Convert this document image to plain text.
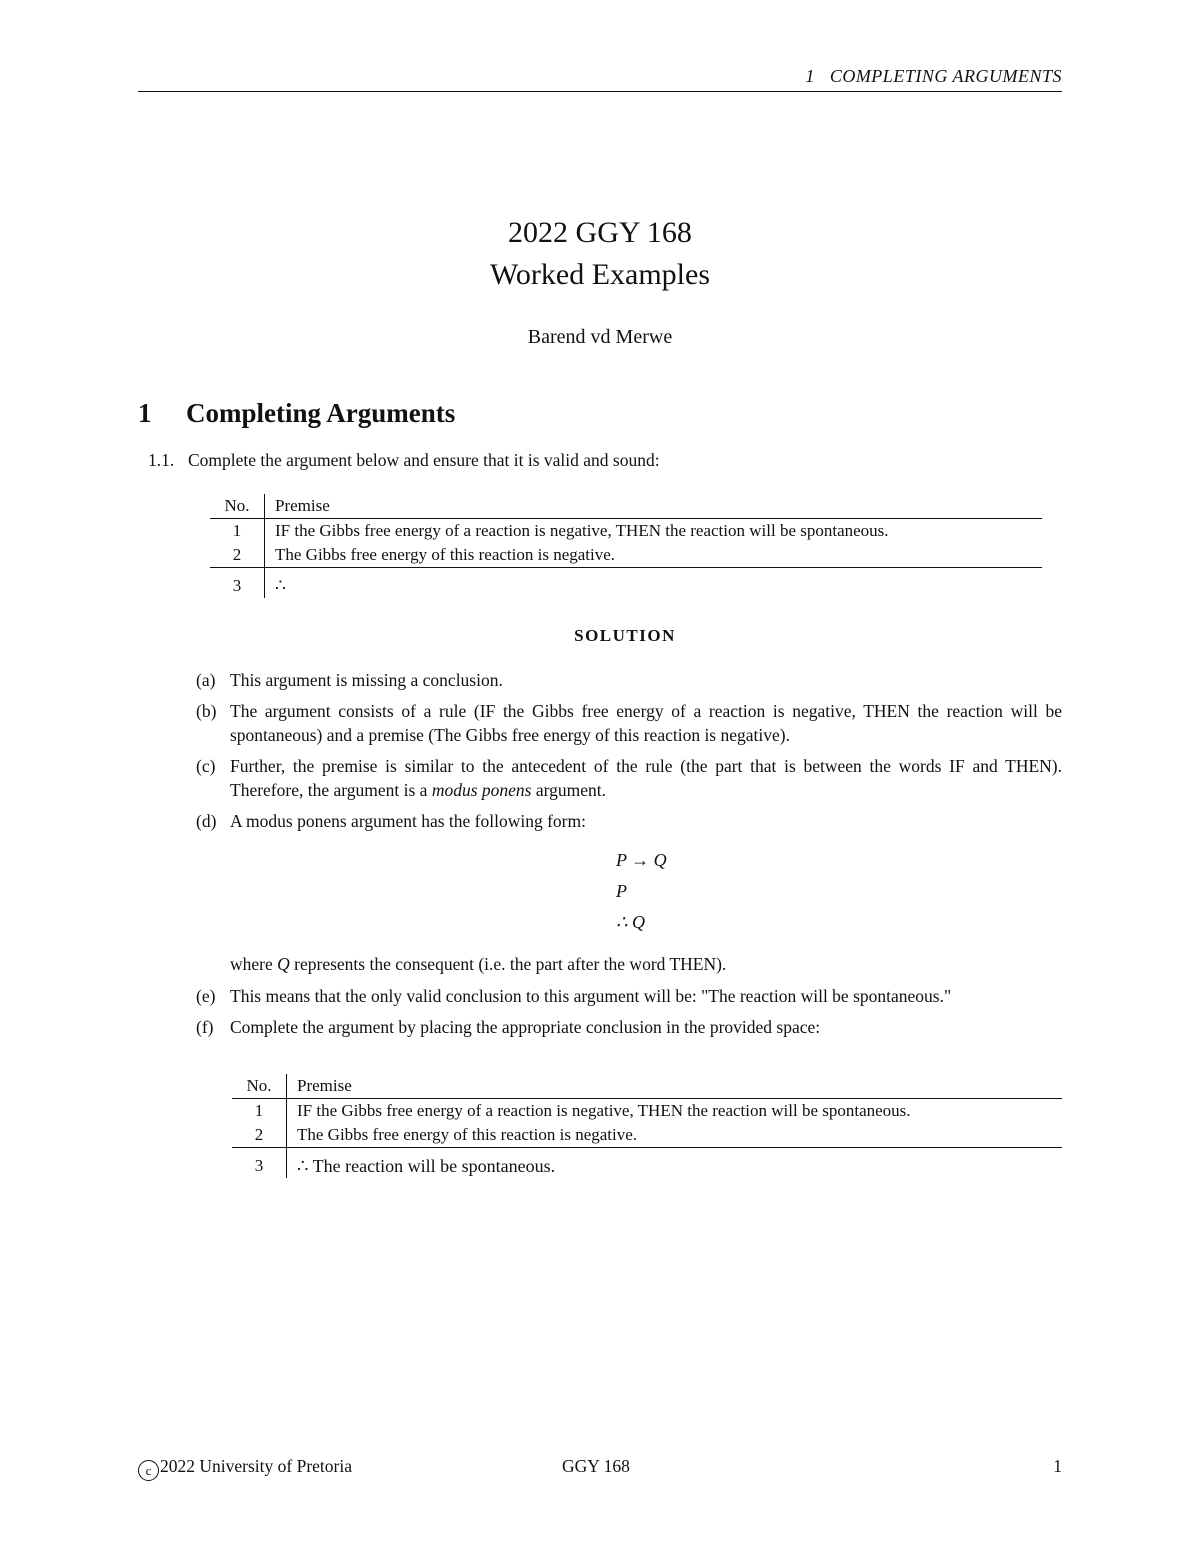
1   COMPLETING ARGUMENTS
2022 GGY 168
Worked Examples
Barend vd Merwe
1 Completing Arguments
1.1. Complete the argument below and ensure that it is valid and sound:
No.	Premise
1	IF the Gibbs free energy of a reaction is negative, THEN the reaction will be spontaneous.
2	The Gibbs free energy of this reaction is negative.
3	∴
SOLUTION
(a) This argument is missing a conclusion.
(b) The argument consists of a rule (IF the Gibbs free energy of a reaction is negative, THEN the reaction will be spontaneous) and a premise (The Gibbs free energy of this reaction is negative).
(c) Further, the premise is similar to the antecedent of the rule (the part that is between the words IF and THEN). Therefore, the argument is a modus ponens argument.
(d) A modus ponens argument has the following form:
P → Q
P
∴ Q
where Q represents the consequent (i.e. the part after the word THEN).
(e) This means that the only valid conclusion to this argument will be: "The reaction will be spontaneous."
(f) Complete the argument by placing the appropriate conclusion in the provided space:
No.	Premise
1	IF the Gibbs free energy of a reaction is negative, THEN the reaction will be spontaneous.
2	The Gibbs free energy of this reaction is negative.
3	∴ The reaction will be spontaneous.
c 2022 University of Pretoria	GGY 168	1
